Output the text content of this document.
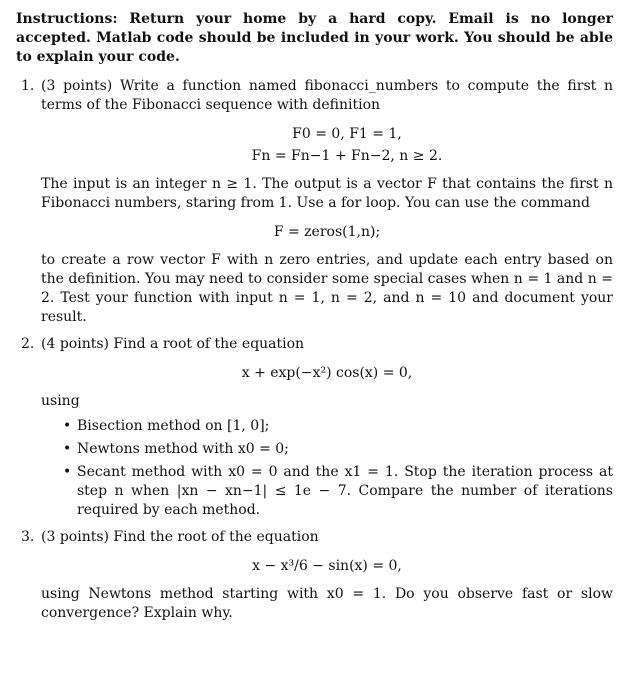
Instructions: Return your home by a hard copy. Email is no longer accepted. Matlab code should be included in your work. You should be able to explain your code.

1. (3 points) Write a function named fibonacci_numbers to compute the first n terms of the Fibonacci sequence with definition
F0 = 0, F1 = 1,
Fn = Fn−1 + Fn−2, n ≥ 2.
The input is an integer n ≥ 1. The output is a vector F that contains the first n Fibonacci numbers, staring from 1. Use a for loop. You can use the command
F = zeros(1,n);
to create a row vector F with n zero entries, and update each entry based on the definition. You may need to consider some special cases when n = 1 and n = 2. Test your function with input n = 1, n = 2, and n = 10 and document your result.
2. (4 points) Find a root of the equation
x + exp(−x²) cos(x) = 0,
using
• Bisection method on [1, 0];
• Newtons method with x0 = 0;
• Secant method with x0 = 0 and the x1 = 1. Stop the iteration process at step n when |xn − xn−1| ≤ 1e − 7. Compare the number of iterations required by each method.
3. (3 points) Find the root of the equation
x − x³/6 − sin(x) = 0,
using Newtons method starting with x0 = 1. Do you observe fast or slow convergence? Explain why.
